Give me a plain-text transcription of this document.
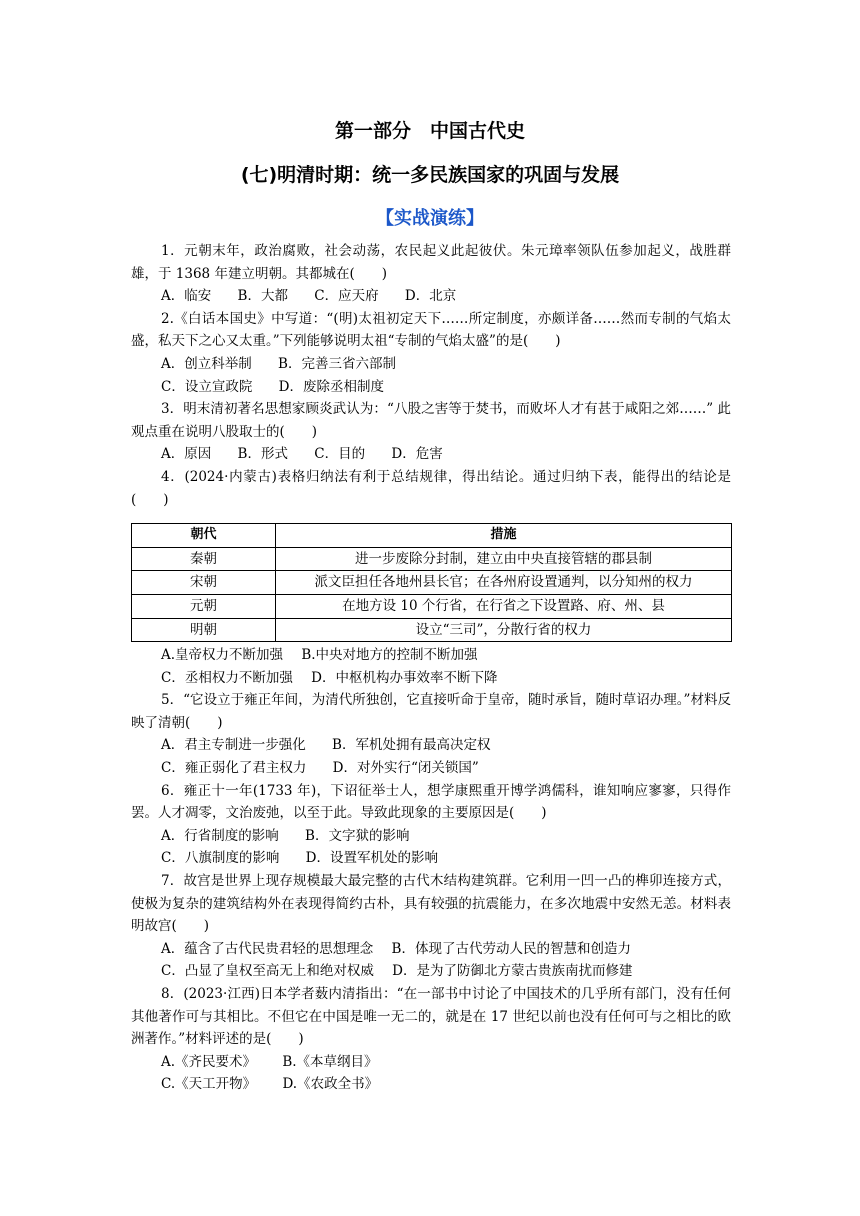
第一部分　中国古代史
(七)明清时期：统一多民族国家的巩固与发展
【实战演练】

1．元朝末年，政治腐败，社会动荡，农民起义此起彼伏。朱元璋率领队伍参加起义，战胜群雄，于 1368 年建立明朝。其都城在(　　)

A．临安 B．大都 C．应天府 D．北京

2.《白话本国史》中写道：“(明)太祖初定天下……所定制度，亦颇详备……然而专制的气焰太盛，私天下之心又太重。”下列能够说明太祖“专制的气焰太盛”的是(　　)

A．创立科举制 B．完善三省六部制

C．设立宣政院 D．废除丞相制度

3．明末清初著名思想家顾炎武认为：“八股之害等于焚书，而败坏人才有甚于咸阳之郊……” 此观点重在说明八股取士的(　　)

A．原因 B．形式 C．目的 D．危害

4．(2024·内蒙古)表格归纳法有利于总结规律，得出结论。通过归纳下表，能得出的结论是(　　)

朝代	措施
秦朝	进一步废除分封制，建立由中央直接管辖的郡县制
宋朝	派文臣担任各地州县长官；在各州府设置通判，以分知州的权力
元朝	在地方设 10 个行省，在行省之下设置路、府、州、县
明朝	设立“三司”，分散行省的权力

A.皇帝权力不断加强 B.中央对地方的控制不断加强

C．丞相权力不断加强 D．中枢机构办事效率不断下降

5．“它设立于雍正年间，为清代所独创，它直接听命于皇帝，随时承旨，随时草诏办理。”材料反映了清朝(　　)

A．君主专制进一步强化 B．军机处拥有最高决定权

C．雍正弱化了君主权力 D．对外实行“闭关锁国”

6．雍正十一年(1733 年)，下诏征举士人，想学康熙重开博学鸿儒科，谁知响应寥寥，只得作罢。人才凋零，文治废弛，以至于此。导致此现象的主要原因是(　　)

A．行省制度的影响 B．文字狱的影响

C．八旗制度的影响 D．设置军机处的影响

7．故宫是世界上现存规模最大最完整的古代木结构建筑群。它利用一凹一凸的榫卯连接方式，使极为复杂的建筑结构外在表现得简约古朴，具有较强的抗震能力，在多次地震中安然无恙。材料表明故宫(　　)

A．蕴含了古代民贵君轻的思想理念 B．体现了古代劳动人民的智慧和创造力

C．凸显了皇权至高无上和绝对权威 D．是为了防御北方蒙古贵族南扰而修建

8．(2023·江西)日本学者薮内清指出：“在一部书中讨论了中国技术的几乎所有部门，没有任何其他著作可与其相比。不但它在中国是唯一无二的，就是在 17 世纪以前也没有任何可与之相比的欧洲著作。”材料评述的是(　　)

A.《齐民要术》 B.《本草纲目》

C.《天工开物》 D.《农政全书》
